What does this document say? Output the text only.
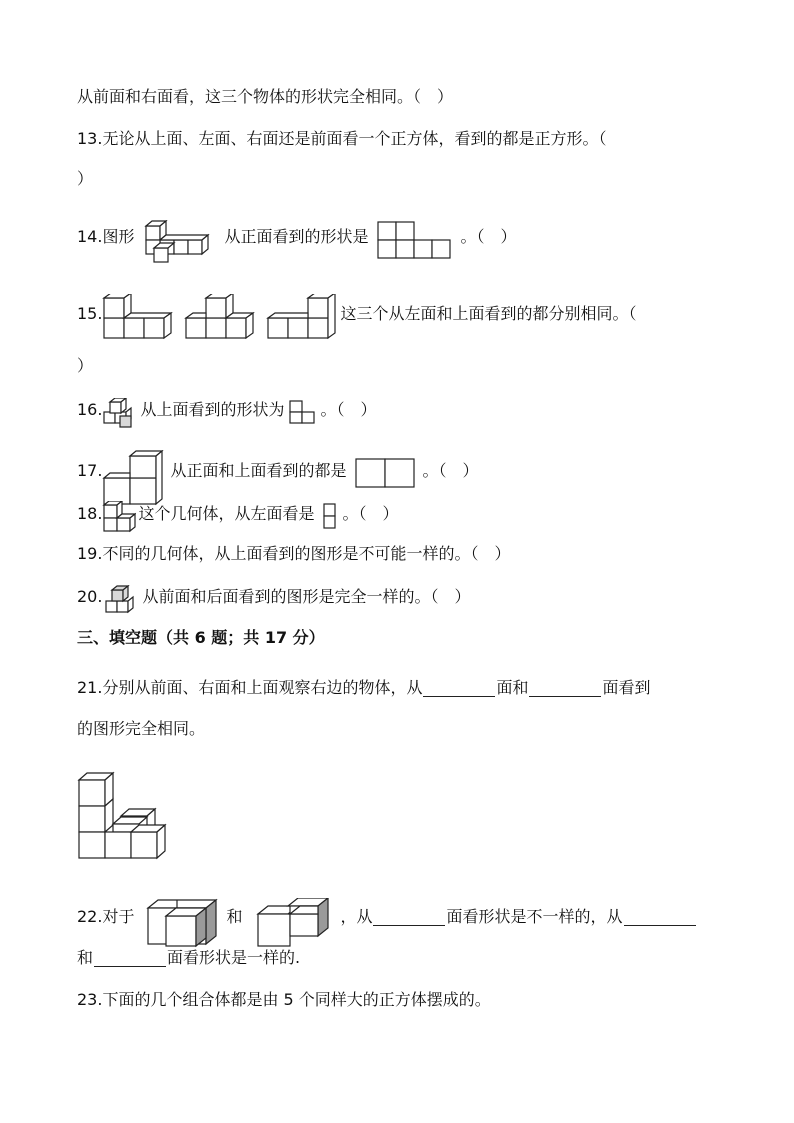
从前面和右面看，这三个物体的形状完全相同。（　）
13.无论从上面、左面、右面还是前面看一个正方体，看到的都是正方形。（
）
14.图形	从正面看到的形状是	。（　）
15.	这三个从左面和上面看到的都分别相同。（
）
16. 从上面看到的形状为 。（　）
17.	从正面和上面看到的都是	。（　）
18. 这个几何体，从左面看是 。（　）
19.不同的几何体，从上面看到的图形是不可能一样的。（　）
20.	从前面和后面看到的图形是完全一样的。（　）
三、填空题（共 6 题；共 17 分）
21.分别从前面、右面和上面观察右边的物体，从	面和	面看到
的图形完全相同。
22.对于	和	，从	面看形状是不一样的，从
和	面看形状是一样的.
23.下面的几个组合体都是由 5 个同样大的正方体摆成的。
